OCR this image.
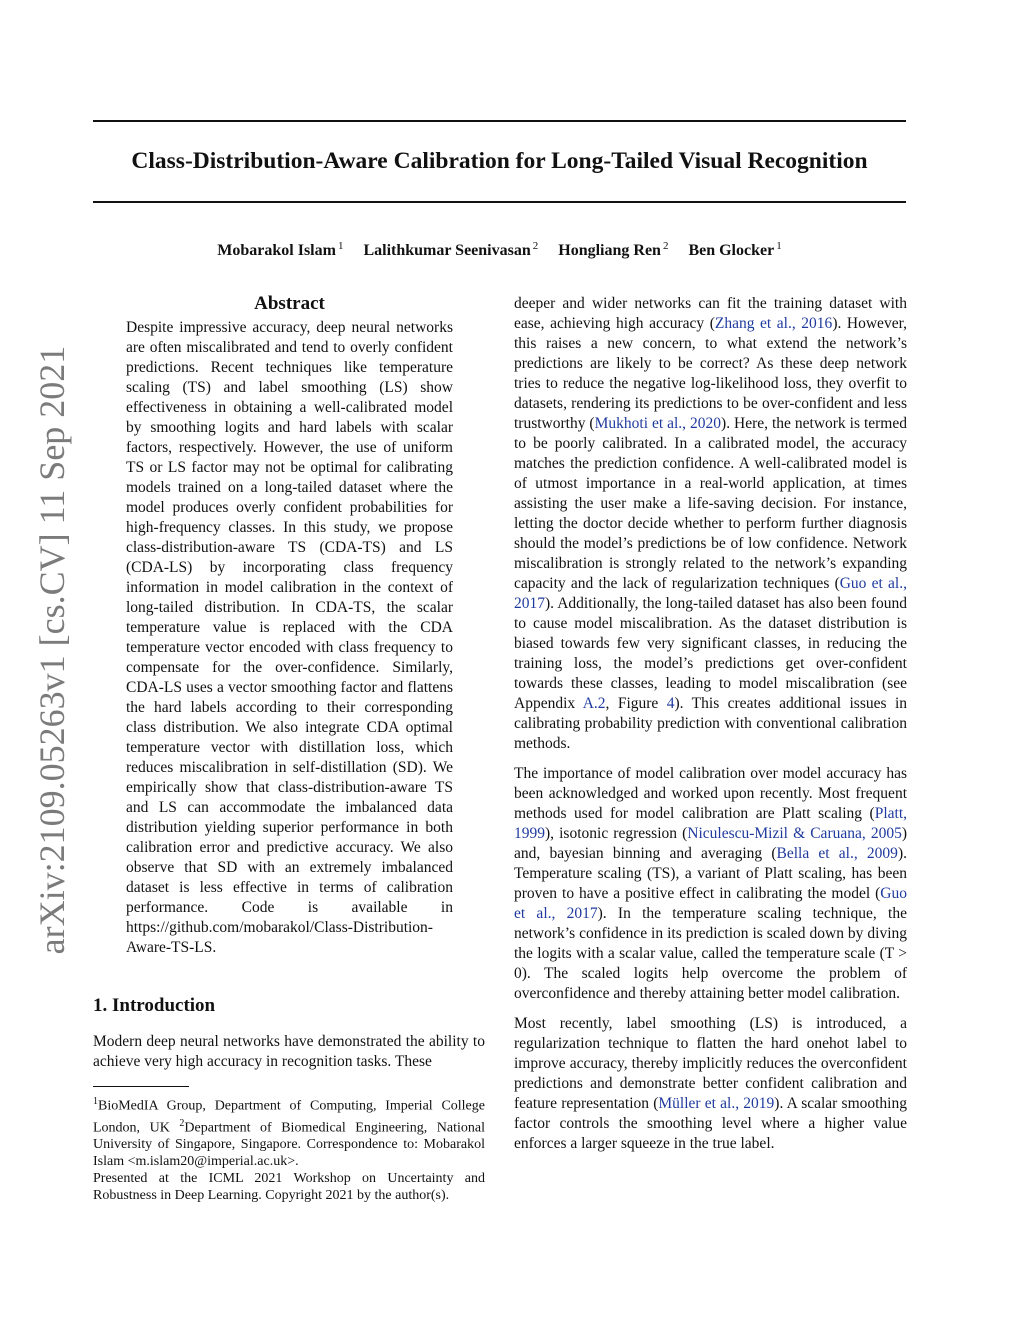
Class-Distribution-Aware Calibration for Long-Tailed Visual Recognition
Mobarakol Islam $^1$ Lalithkumar Seenivasan $^2$ Hongliang Ren $^2$ Ben Glocker $^1$
arXiv:2109.05263v1 [cs.CV] 11 Sep 2021
Abstract

Despite impressive accuracy, deep neural networks are often miscalibrated and tend to overly confident predictions. Recent techniques like temperature scaling (TS) and label smoothing (LS) show effectiveness in obtaining a well-calibrated model by smoothing logits and hard labels with scalar factors, respectively. However, the use of uniform TS or LS factor may not be optimal for calibrating models trained on a long-tailed dataset where the model produces overly confident probabilities for high-frequency classes. In this study, we propose class-distribution-aware TS (CDA-TS) and LS (CDA-LS) by incorporating class frequency information in model calibration in the context of long-tailed distribution. In CDA-TS, the scalar temperature value is replaced with the CDA temperature vector encoded with class frequency to compensate for the over-confidence. Similarly, CDA-LS uses a vector smoothing factor and flattens the hard labels according to their corresponding class distribution. We also integrate CDA optimal temperature vector with distillation loss, which reduces miscalibration in self-distillation (SD). We empirically show that class-distribution-aware TS and LS can accommodate the imbalanced data distribution yielding superior performance in both calibration error and predictive accuracy. We also observe that SD with an extremely imbalanced dataset is less effective in terms of calibration performance. Code is available in https://github.com/mobarakol/Class-Distribution-Aware-TS-LS.

1. Introduction

Modern deep neural networks have demonstrated the ability to achieve very high accuracy in recognition tasks. These

$^1$BioMedIA Group, Department of Computing, Imperial College London, UK $^2$Department of Biomedical Engineering, National University of Singapore, Singapore. Correspondence to: Mobarakol Islam <m.islam20@imperial.ac.uk>.

Presented at the ICML 2021 Workshop on Uncertainty and Robustness in Deep Learning. Copyright 2021 by the author(s).

deeper and wider networks can fit the training dataset with ease, achieving high accuracy (Zhang et al., 2016). However, this raises a new concern, to what extend the network’s predictions are likely to be correct? As these deep network tries to reduce the negative log-likelihood loss, they overfit to datasets, rendering its predictions to be over-confident and less trustworthy (Mukhoti et al., 2020). Here, the network is termed to be poorly calibrated. In a calibrated model, the accuracy matches the prediction confidence. A well-calibrated model is of utmost importance in a real-world application, at times assisting the user make a life-saving decision. For instance, letting the doctor decide whether to perform further diagnosis should the model’s predictions be of low confidence. Network miscalibration is strongly related to the network’s expanding capacity and the lack of regularization techniques (Guo et al., 2017). Additionally, the long-tailed dataset has also been found to cause model miscalibration. As the dataset distribution is biased towards few very significant classes, in reducing the training loss, the model’s predictions get over-confident towards these classes, leading to model miscalibration (see Appendix A.2, Figure 4). This creates additional issues in calibrating probability prediction with conventional calibration methods.

The importance of model calibration over model accuracy has been acknowledged and worked upon recently. Most frequent methods used for model calibration are Platt scaling (Platt, 1999), isotonic regression (Niculescu-Mizil & Caruana, 2005) and, bayesian binning and averaging (Bella et al., 2009). Temperature scaling (TS), a variant of Platt scaling, has been proven to have a positive effect in calibrating the model (Guo et al., 2017). In the temperature scaling technique, the network’s confidence in its prediction is scaled down by diving the logits with a scalar value, called the temperature scale (T > 0). The scaled logits help overcome the problem of overconfidence and thereby attaining better model calibration.

Most recently, label smoothing (LS) is introduced, a regularization technique to flatten the hard onehot label to improve accuracy, thereby implicitly reduces the overconfident predictions and demonstrate better confident calibration and feature representation (Müller et al., 2019). A scalar smoothing factor controls the smoothing level where a higher value enforces a larger squeeze in the true label.
